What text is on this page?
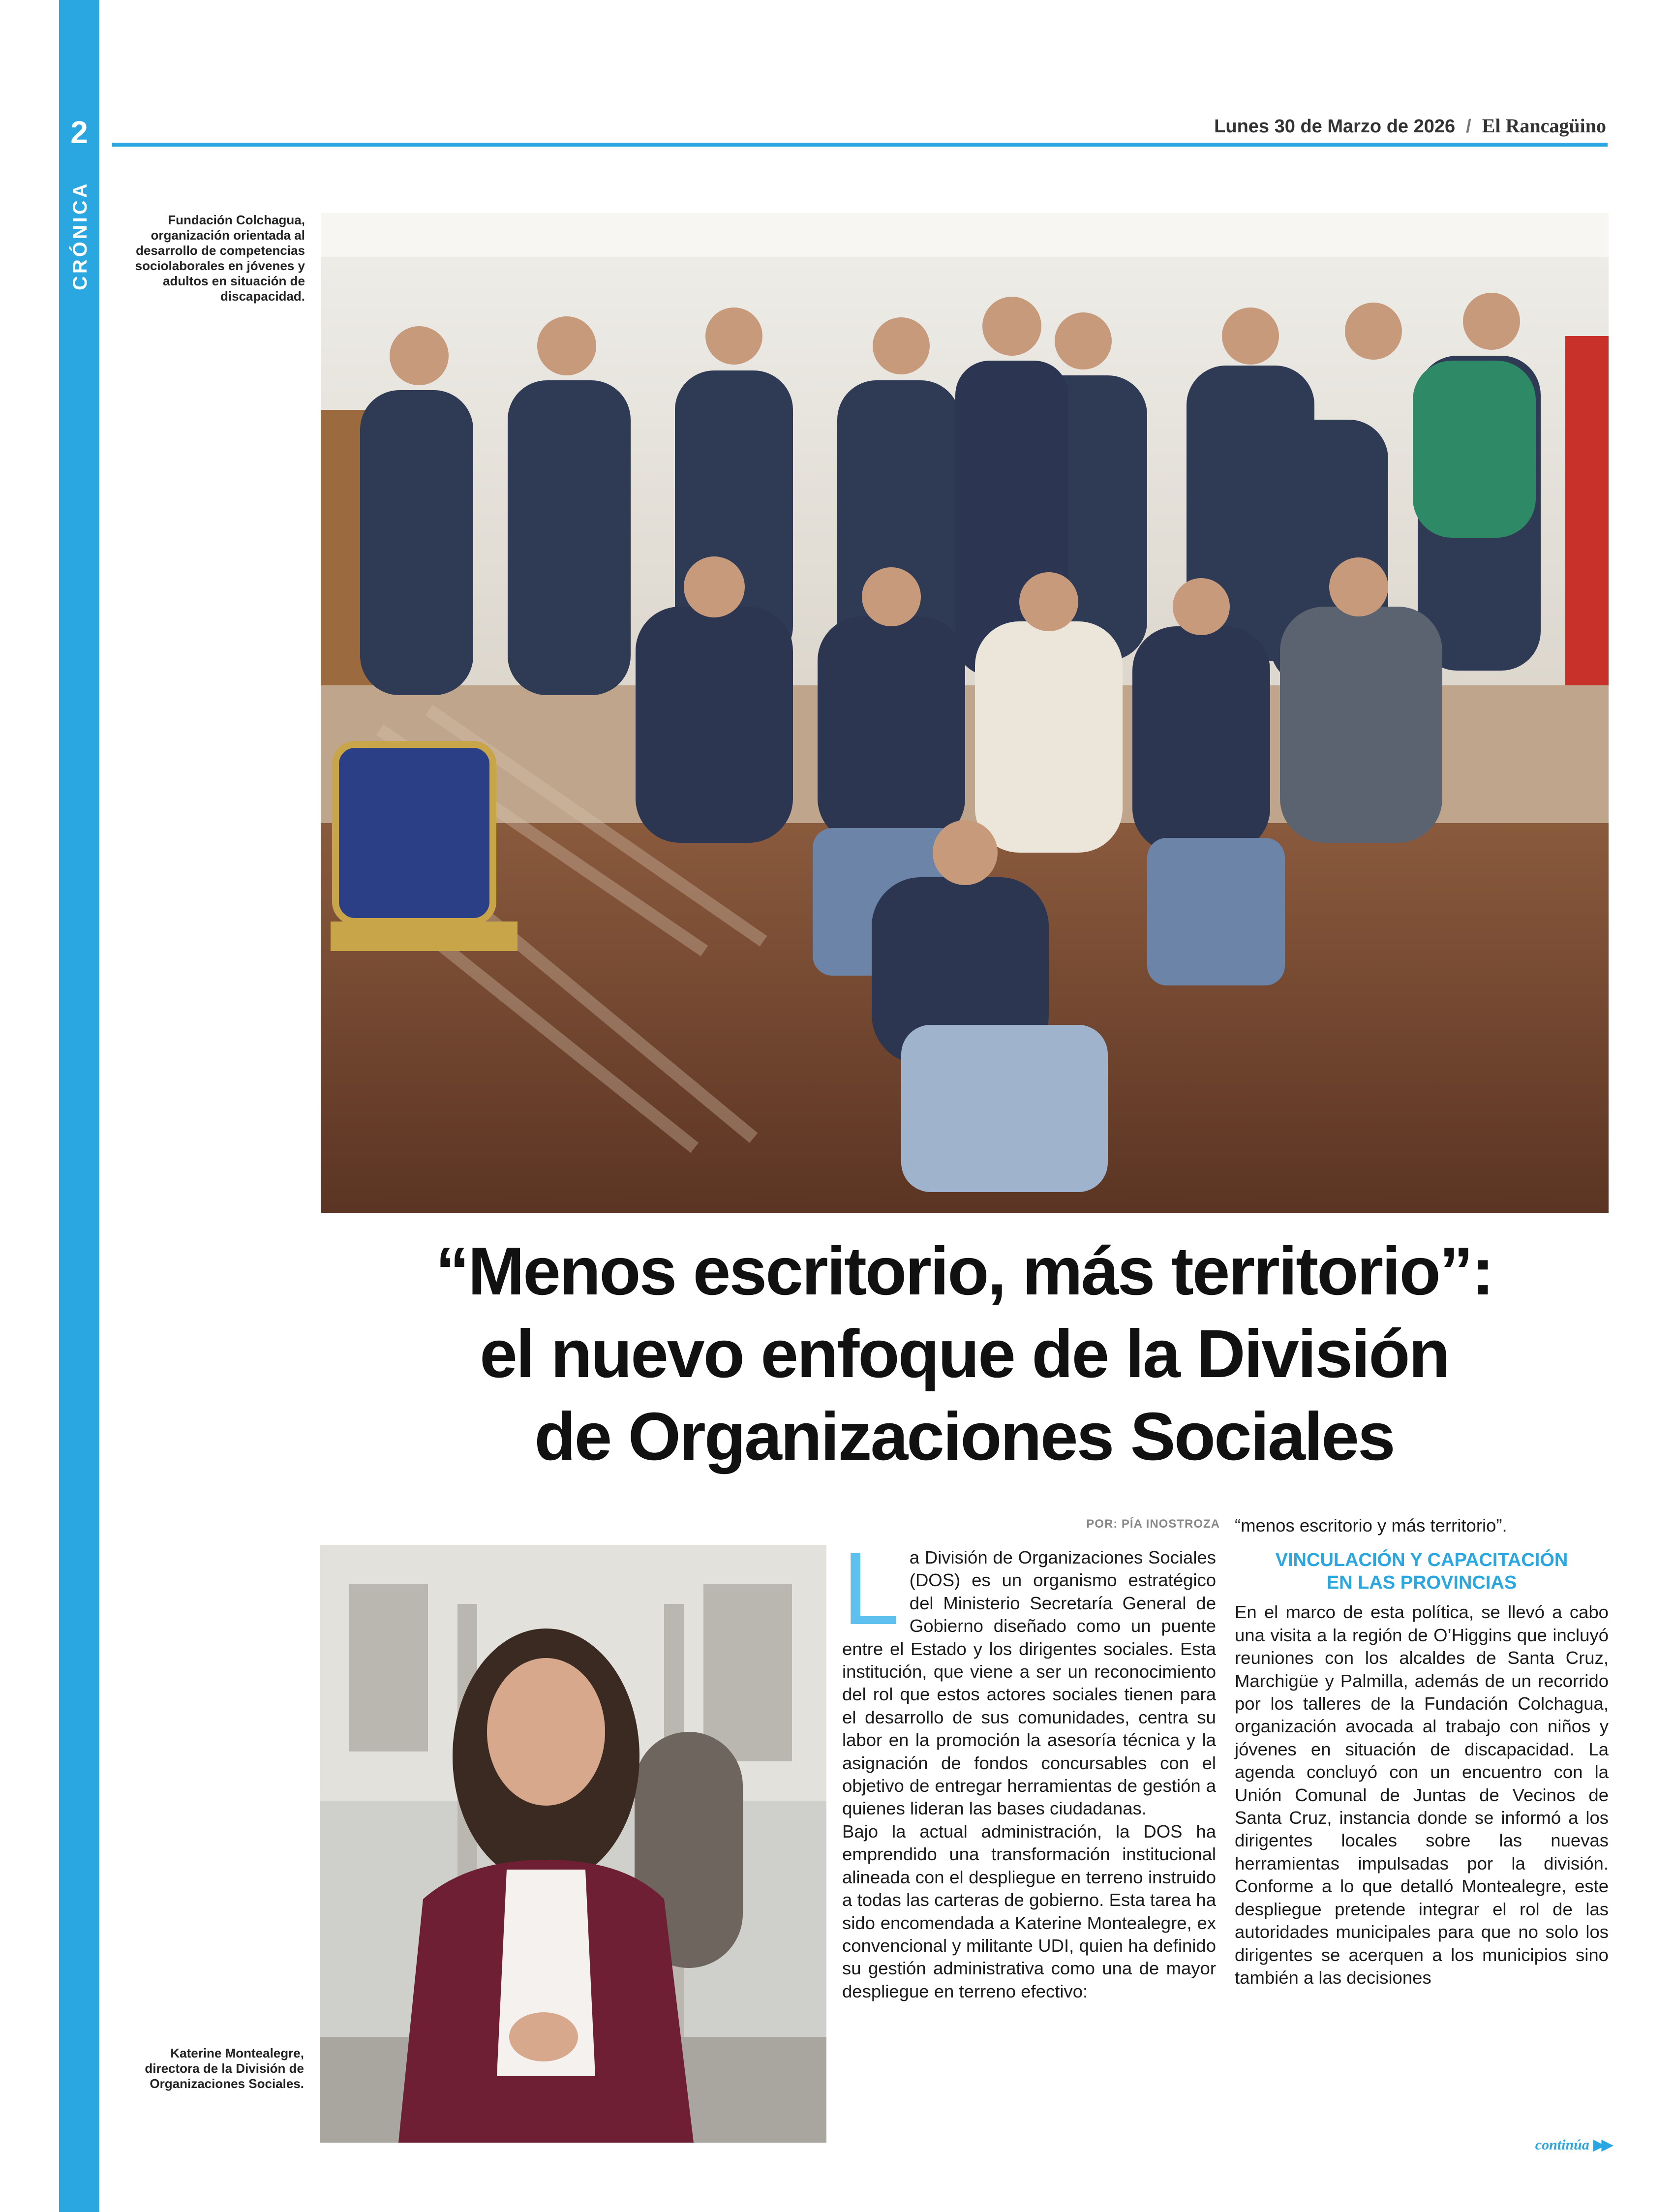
2
CRÓNICA
Lunes 30 de Marzo de 2026 / El Rancagüino
Fundación Colchagua, organización orientada al desarrollo de competencias sociolaborales en jóvenes y adultos en situación de discapacidad.
“Menos escritorio, más territorio”:
el nuevo enfoque de la División
de Organizaciones Sociales
Katerine Montealegre, directora de la División de Organizaciones Sociales.
POR: PÍA INOSTROZA

La División de Organizaciones Sociales (DOS) es un organismo estratégico del Ministerio Secretaría General de Gobierno diseñado como un puente entre el Estado y los dirigentes sociales. Esta institución, que viene a ser un reconocimiento del rol que estos actores sociales tienen para el desarrollo de sus comunidades, centra su labor en la promoción la asesoría técnica y la asignación de fondos concursables con el objetivo de entregar herramientas de gestión a quienes lideran las bases ciudadanas.

Bajo la actual administración, la DOS ha emprendido una transformación institucional alineada con el despliegue en terreno instruido a todas las carteras de gobierno. Esta tarea ha sido encomendada a Katerine Montealegre, ex convencional y militante UDI, quien ha definido su gestión administrativa como una de mayor despliegue en terreno efectivo:

“menos escritorio y más territorio”.

VINCULACIÓN Y CAPACITACIÓN
EN LAS PROVINCIAS

En el marco de esta política, se llevó a cabo una visita a la región de O’Higgins que incluyó reuniones con los alcaldes de Santa Cruz, Marchigüe y Palmilla, además de un recorrido por los talleres de la Fundación Colchagua, organización avocada al trabajo con niños y jóvenes en situación de discapacidad. La agenda concluyó con un encuentro con la Unión Comunal de Juntas de Vecinos de Santa Cruz, instancia donde se informó a los dirigentes locales sobre las nuevas herramientas impulsadas por la división. Conforme a lo que detalló Montealegre, este despliegue pretende integrar el rol de las autoridades municipales para que no solo los dirigentes se acerquen a los municipios sino también a las decisiones

continúa ▶▶
